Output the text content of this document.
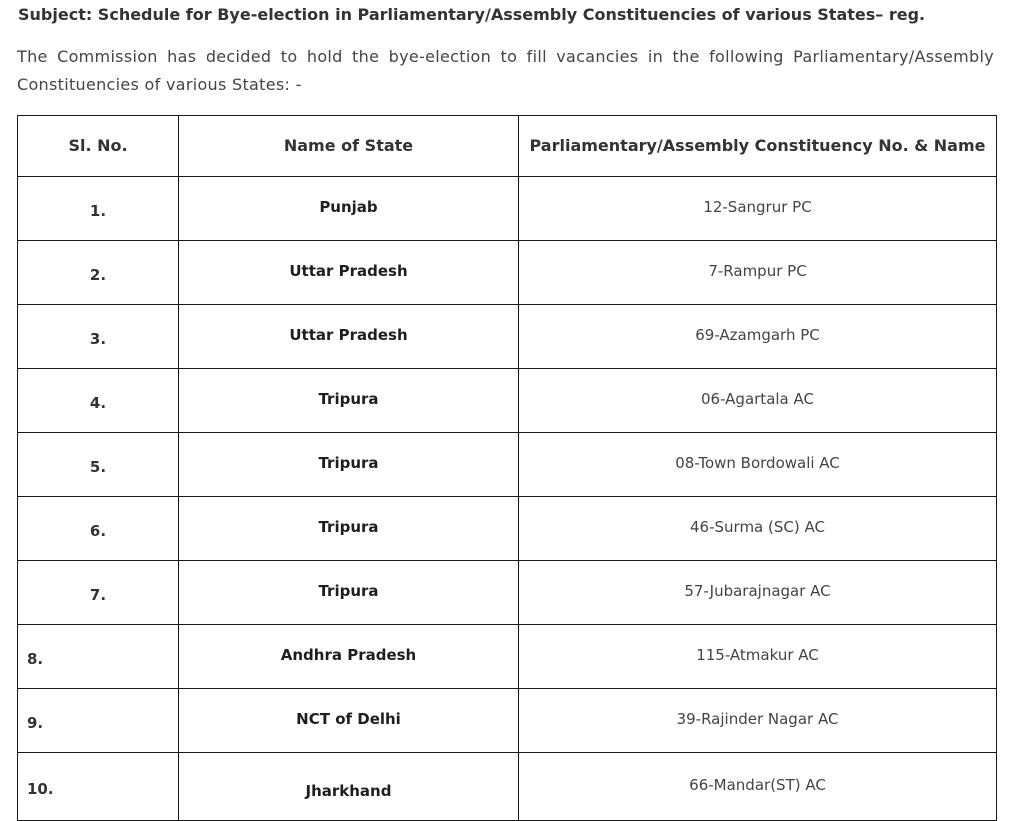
Subject: Schedule for Bye-election in Parliamentary/Assembly Constituencies of various States– reg.
The Commission has decided to hold the bye-election to fill vacancies in the following Parliamentary/Assembly Constituencies of various States: -
Sl. No.	Name of State	Parliamentary/Assembly Constituency No. & Name
1.	Punjab	12-Sangrur PC
2.	Uttar Pradesh	7-Rampur PC
3.	Uttar Pradesh	69-Azamgarh PC
4.	Tripura	06-Agartala AC
5.	Tripura	08-Town Bordowali AC
6.	Tripura	46-Surma (SC) AC
7.	Tripura	57-Jubarajnagar AC
8.	Andhra Pradesh	115-Atmakur AC
9.	NCT of Delhi	39-Rajinder Nagar AC
10.	Jharkhand	66-Mandar(ST) AC
